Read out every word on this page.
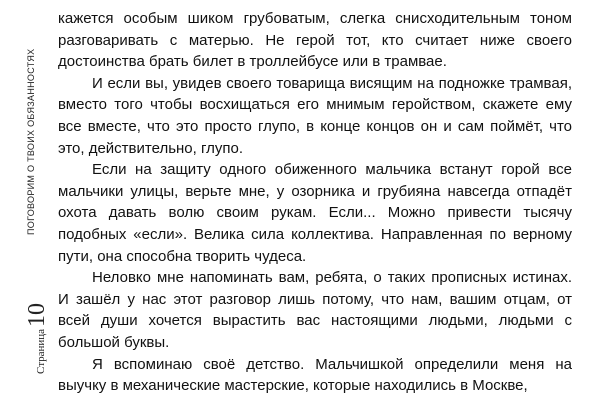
ПОГОВОРИМ О ТВОИХ ОБЯЗАННОСТЯХ
Страница10

кажется особым шиком грубоватым, слегка снисходительным тоном разговаривать с матерью. Не герой тот, кто считает ниже своего достоинства брать билет в троллейбусе или в трамвае.

И если вы, увидев своего товарища висящим на подножке трамвая, вместо того чтобы восхищаться его мнимым геройством, скажете ему все вместе, что это просто глупо, в конце концов он и сам поймёт, что это, действительно, глупо.

Если на защиту одного обиженного мальчика встанут горой все мальчики улицы, верьте мне, у озорника и грубияна навсегда отпадёт охота давать волю своим рукам. Если... Можно привести тысячу подобных «если». Велика сила коллектива. Направленная по верному пути, она способна творить чудеса.

Неловко мне напоминать вам, ребята, о таких прописных истинах. И зашёл у нас этот разговор лишь потому, что нам, вашим отцам, от всей души хочется вырастить вас настоящими людьми, людьми с большой буквы.

Я вспоминаю своё детство. Мальчишкой определили меня на выучку в механические мастерские, которые находились в Москве,
